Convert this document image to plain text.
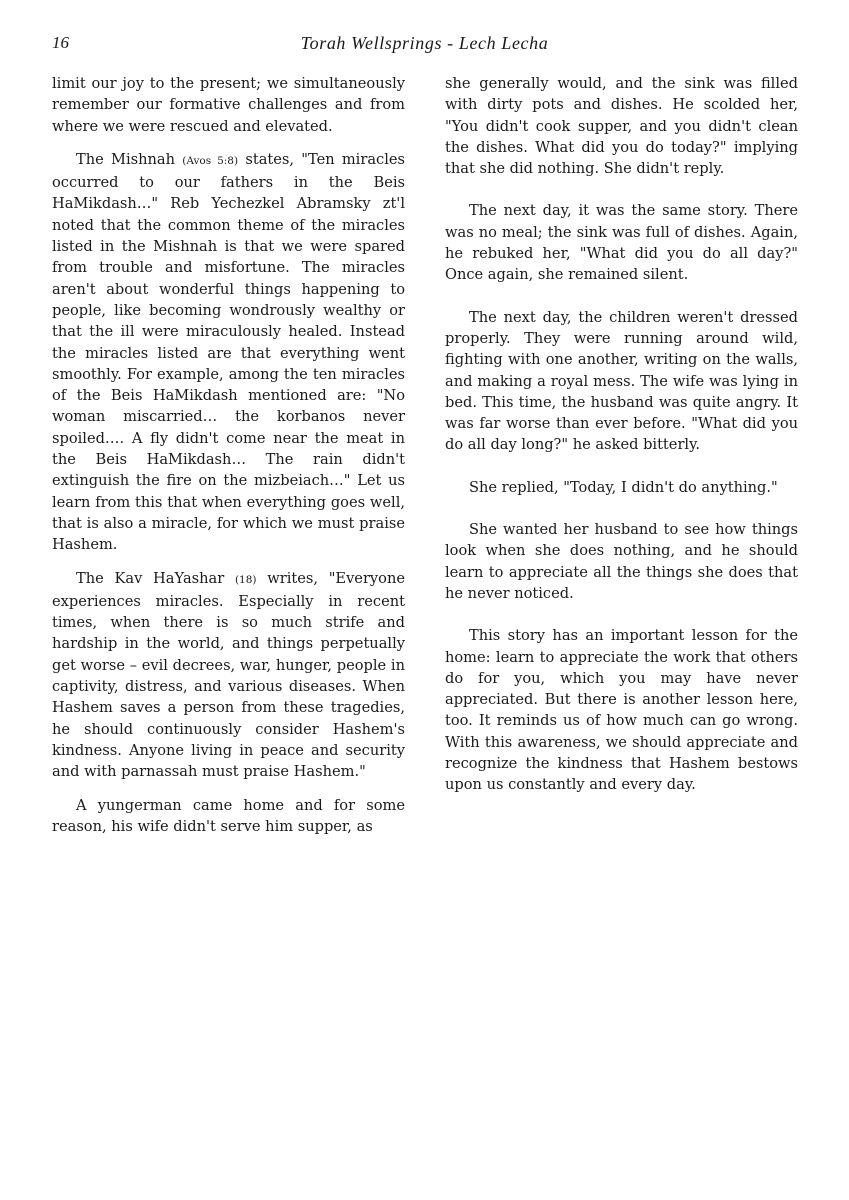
16	Torah Wellsprings - Lech Lecha

limit our joy to the present; we simultaneously remember our formative challenges and from where we were rescued and elevated.

The Mishnah (Avos 5:8) states, "Ten miracles occurred to our fathers in the Beis HaMikdash…" Reb Yechezkel Abramsky zt'l noted that the common theme of the miracles listed in the Mishnah is that we were spared from trouble and misfortune. The miracles aren't about wonderful things happening to people, like becoming wondrously wealthy or that the ill were miraculously healed. Instead the miracles listed are that everything went smoothly. For example, among the ten miracles of the Beis HaMikdash mentioned are: "No woman miscarried… the korbanos never spoiled…. A fly didn't come near the meat in the Beis HaMikdash… The rain didn't extinguish the fire on the mizbeiach…" Let us learn from this that when everything goes well, that is also a miracle, for which we must praise Hashem.

The Kav HaYashar (18) writes, "Everyone experiences miracles. Especially in recent times, when there is so much strife and hardship in the world, and things perpetually get worse – evil decrees, war, hunger, people in captivity, distress, and various diseases. When Hashem saves a person from these tragedies, he should continuously consider Hashem's kindness. Anyone living in peace and security and with parnassah must praise Hashem."

A yungerman came home and for some reason, his wife didn't serve him supper, as

she generally would, and the sink was filled with dirty pots and dishes. He scolded her, "You didn't cook supper, and you didn't clean the dishes. What did you do today?" implying that she did nothing. She didn't reply.

The next day, it was the same story. There was no meal; the sink was full of dishes. Again, he rebuked her, "What did you do all day?" Once again, she remained silent.

The next day, the children weren't dressed properly. They were running around wild, fighting with one another, writing on the walls, and making a royal mess. The wife was lying in bed. This time, the husband was quite angry. It was far worse than ever before. "What did you do all day long?" he asked bitterly.

She replied, "Today, I didn't do anything."

She wanted her husband to see how things look when she does nothing, and he should learn to appreciate all the things she does that he never noticed.

This story has an important lesson for the home: learn to appreciate the work that others do for you, which you may have never appreciated. But there is another lesson here, too. It reminds us of how much can go wrong. With this awareness, we should appreciate and recognize the kindness that Hashem bestows upon us constantly and every day.
